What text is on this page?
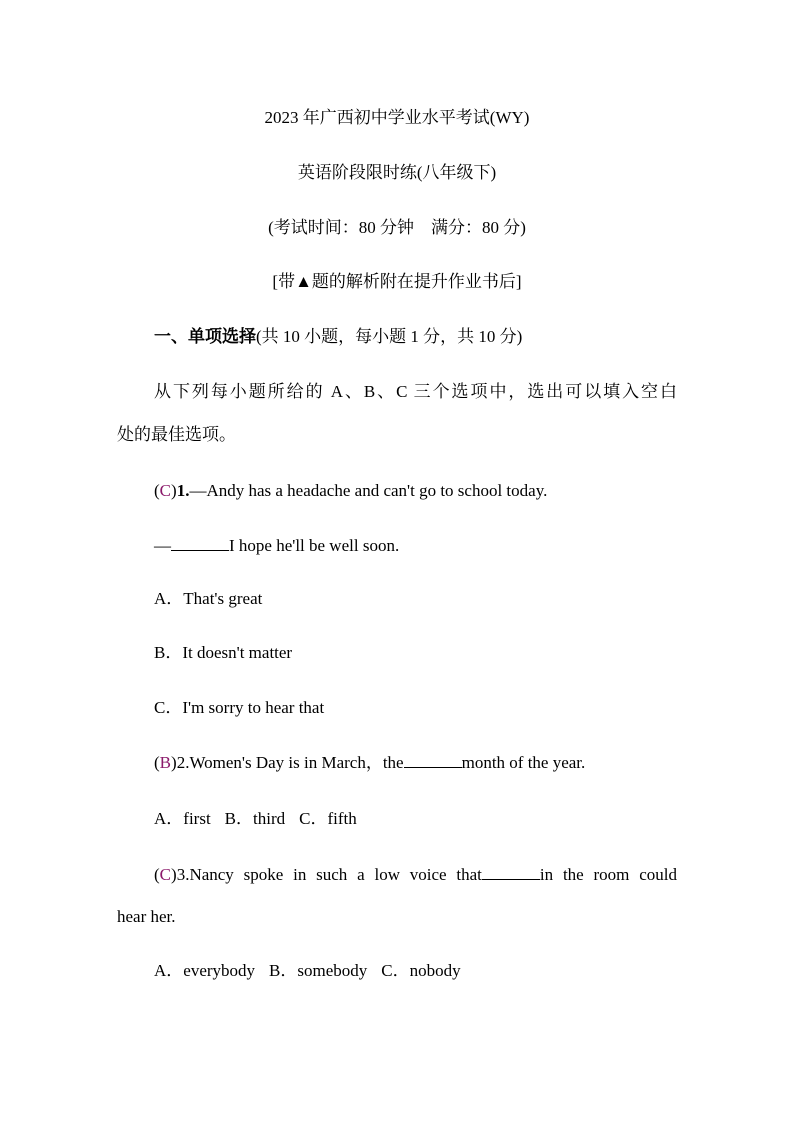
2023 年广西初中学业水平考试(WY)
英语阶段限时练(八年级下)
(考试时间：80 分钟　满分：80 分)
[带▲题的解析附在提升作业书后]
一、单项选择(共 10 小题，每小题 1 分，共 10 分)
从下列每小题所给的 A、B、C 三个选项中，选出可以填入空白
处的最佳选项。
(C)1.—Andy has a headache and can't go to school today.
—	I hope he'll be well soon.
A．That's great
B．It doesn't matter
C．I'm sorry to hear that
(B)2.Women's Day is in March，the	month of the year.
A．first B．third C．fifth
(C)3.Nancy spoke in such a low voice that	in the room could
hear her.
A．everybody B．somebody C．nobody
